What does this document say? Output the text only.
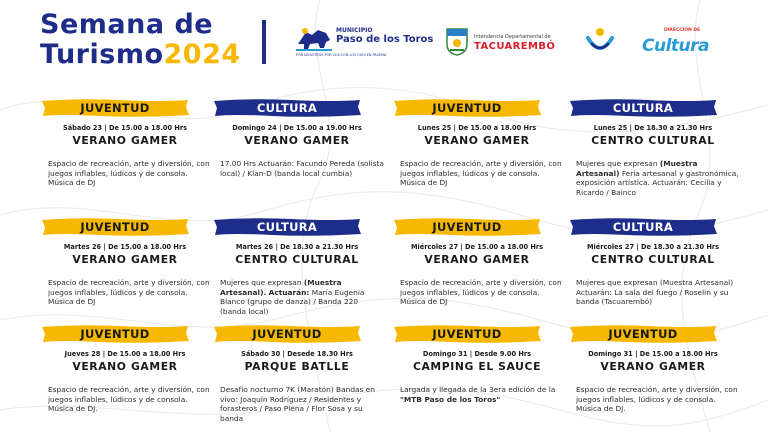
Semana de
Turismo2024
MUNICIPIO
Paso de los Toros
POR NOSOTROS POR VOS CON LOS OJOS EN PASEMA
Intendencia Departamental de
TACUAREMBÓ
DIRECCIÓN DE
Cultura
JUVENTUD
Sábado 23 | De 15.00 a 18.00 Hrs
VERANO GAMER
Espacio de recreación, arte y diversión, con juegos inflables, lúdicos y de consola. Música de DJ
CULTURA
Domingo 24 | De 15.00 a 19.00 Hrs
VERANO GAMER
17.00 Hrs Actuarán: Facundo Pereda (solista local) / Klan-D (banda local cumbia)
JUVENTUD
Lunes 25 | De 15.00 a 18.00 Hrs
VERANO GAMER
Espacio de recreación, arte y diversión, con juegos inflables, lúdicos y de consola. Música de DJ
CULTURA
Lunes 25 | De 18.30 a 21.30 Hrs
CENTRO CULTURAL
Mujeres que expresan (Muestra Artesanal) Feria artesanal y gastronómica, exposición artística. Actuarán: Cecilia y Ricardo / Bainco
JUVENTUD
Martes 26 | De 15.00 a 18.00 Hrs
VERANO GAMER
Espacio de recreación, arte y diversión, con juegos inflables, lúdicos y de consola. Música de DJ
CULTURA
Martes 26 | De 18.30 a 21.30 Hrs
CENTRO CULTURAL
Mujeres que expresan (Muestra Artesanal). Actuarán: María Eugenia Blanco (grupo de danza) / Banda 220 (banda local)
JUVENTUD
Miércoles 27 | De 15.00 a 18.00 Hrs
VERANO GAMER
Espacio de recreación, arte y diversión, con juegos inflables, lúdicos y de consola. Música de DJ
CULTURA
Miércoles 27 | De 18.30 a 21.30 Hrs
CENTRO CULTURAL
Mujeres que expresan (Muestra Artesanal) Actuarán: La sala del fuego / Roselin y su banda (Tacuarembó)
JUVENTUD
Jueves 28 | De 15.00 a 18.00 Hrs
VERANO GAMER
Espacio de recreación, arte y diversión, con juegos inflables, lúdicos y de consola. Música de DJ.
JUVENTUD
Sábado 30 | Desede 18.30 Hrs
PARQUE BATLLE
Desafío nocturno 7K (Maratón) Bandas en vivo: Joaquín Rodríguez / Residentes y forasteros / Paso Plena / Flor Sosa y su banda
JUVENTUD
Domingo 31 | Desde 9.00 Hrs
CAMPING EL SAUCE
Largada y llegada de la 3era edición de la "MTB Paso de los Toros"
JUVENTUD
Domingo 31 | De 15.00 a 18.00 Hrs
VERANO GAMER
Espacio de recreación, arte y diversión, con juegos inflables, lúdicos y de consola. Música de DJ.
